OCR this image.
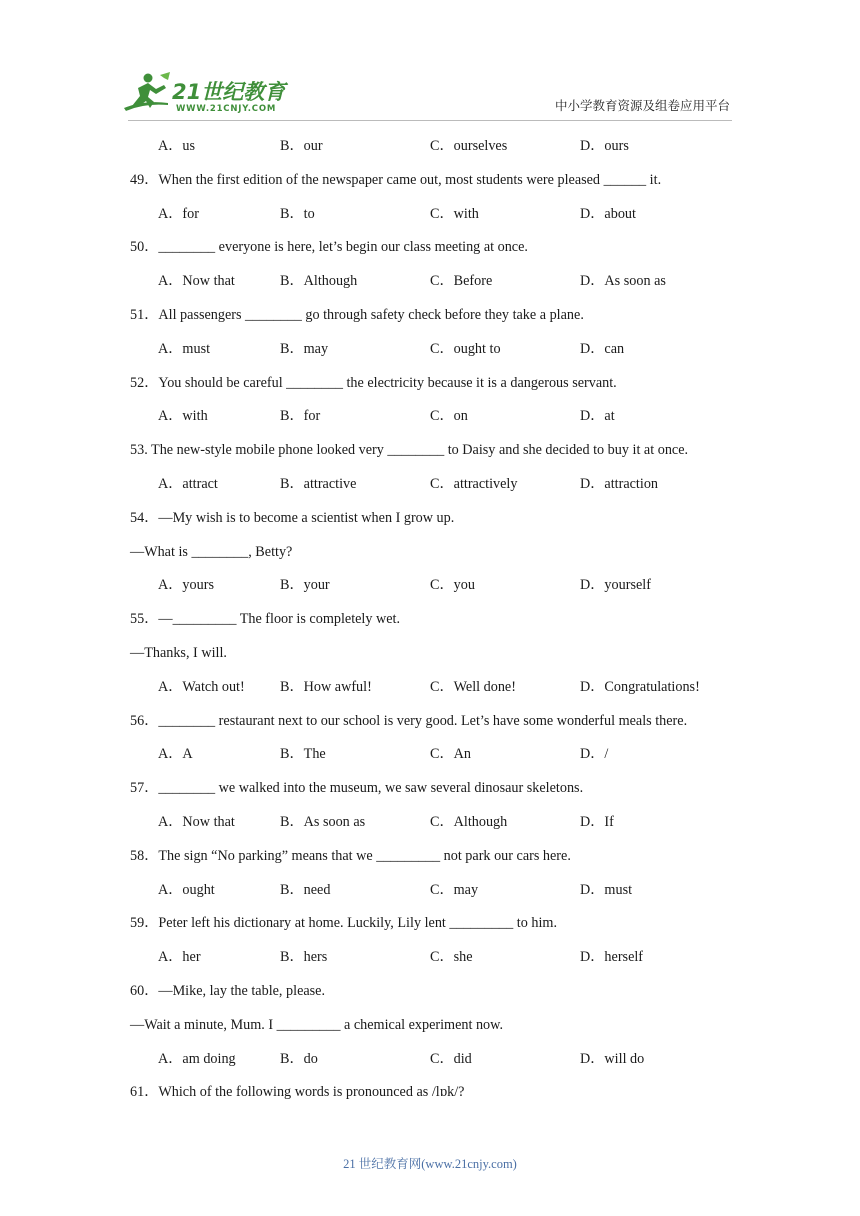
21世纪教育
WWW.21CNJY.COM	中小学教育资源及组卷应用平台
A．us	B．our	C．ourselves	D．ours
49．When the first edition of the newspaper came out, most students were pleased ______ it.
A．for	B．to	C．with	D．about
50．________ everyone is here, let’s begin our class meeting at once.
A．Now that	B．Although	C．Before	D．As soon as
51．All passengers ________ go through safety check before they take a plane.
A．must	B．may	C．ought to	D．can
52．You should be careful ________ the electricity because it is a dangerous servant.
A．with	B．for	C．on	D．at
53. The new-style mobile phone looked very ________ to Daisy and she decided to buy it at once.
A．attract	B．attractive	C．attractively	D．attraction
54．—My wish is to become a scientist when I grow up.
—What is ________, Betty?
A．yours	B．your	C．you	D．yourself
55．—_________ The floor is completely wet.
—Thanks, I will.
A．Watch out! B．How awful!	C．Well done!	D．Congratulations!
56．________ restaurant next to our school is very good. Let’s have some wonderful meals there.
A．A	B．The	C．An	D．/
57．________ we walked into the museum, we saw several dinosaur skeletons.
A．Now that	B．As soon as	C．Although	D．If
58．The sign “No parking” means that we _________ not park our cars here.
A．ought	B．need	C．may	D．must
59．Peter left his dictionary at home. Luckily, Lily lent _________ to him.
A．her	B．hers	C．she	D．herself
60．—Mike, lay the table, please.
—Wait a minute, Mum. I _________ a chemical experiment now.
A．am doing	B．do	C．did	D．will do
61．Which of the following words is pronounced as /lɒk/?
21 世纪教育网(www.21cnjy.com)
